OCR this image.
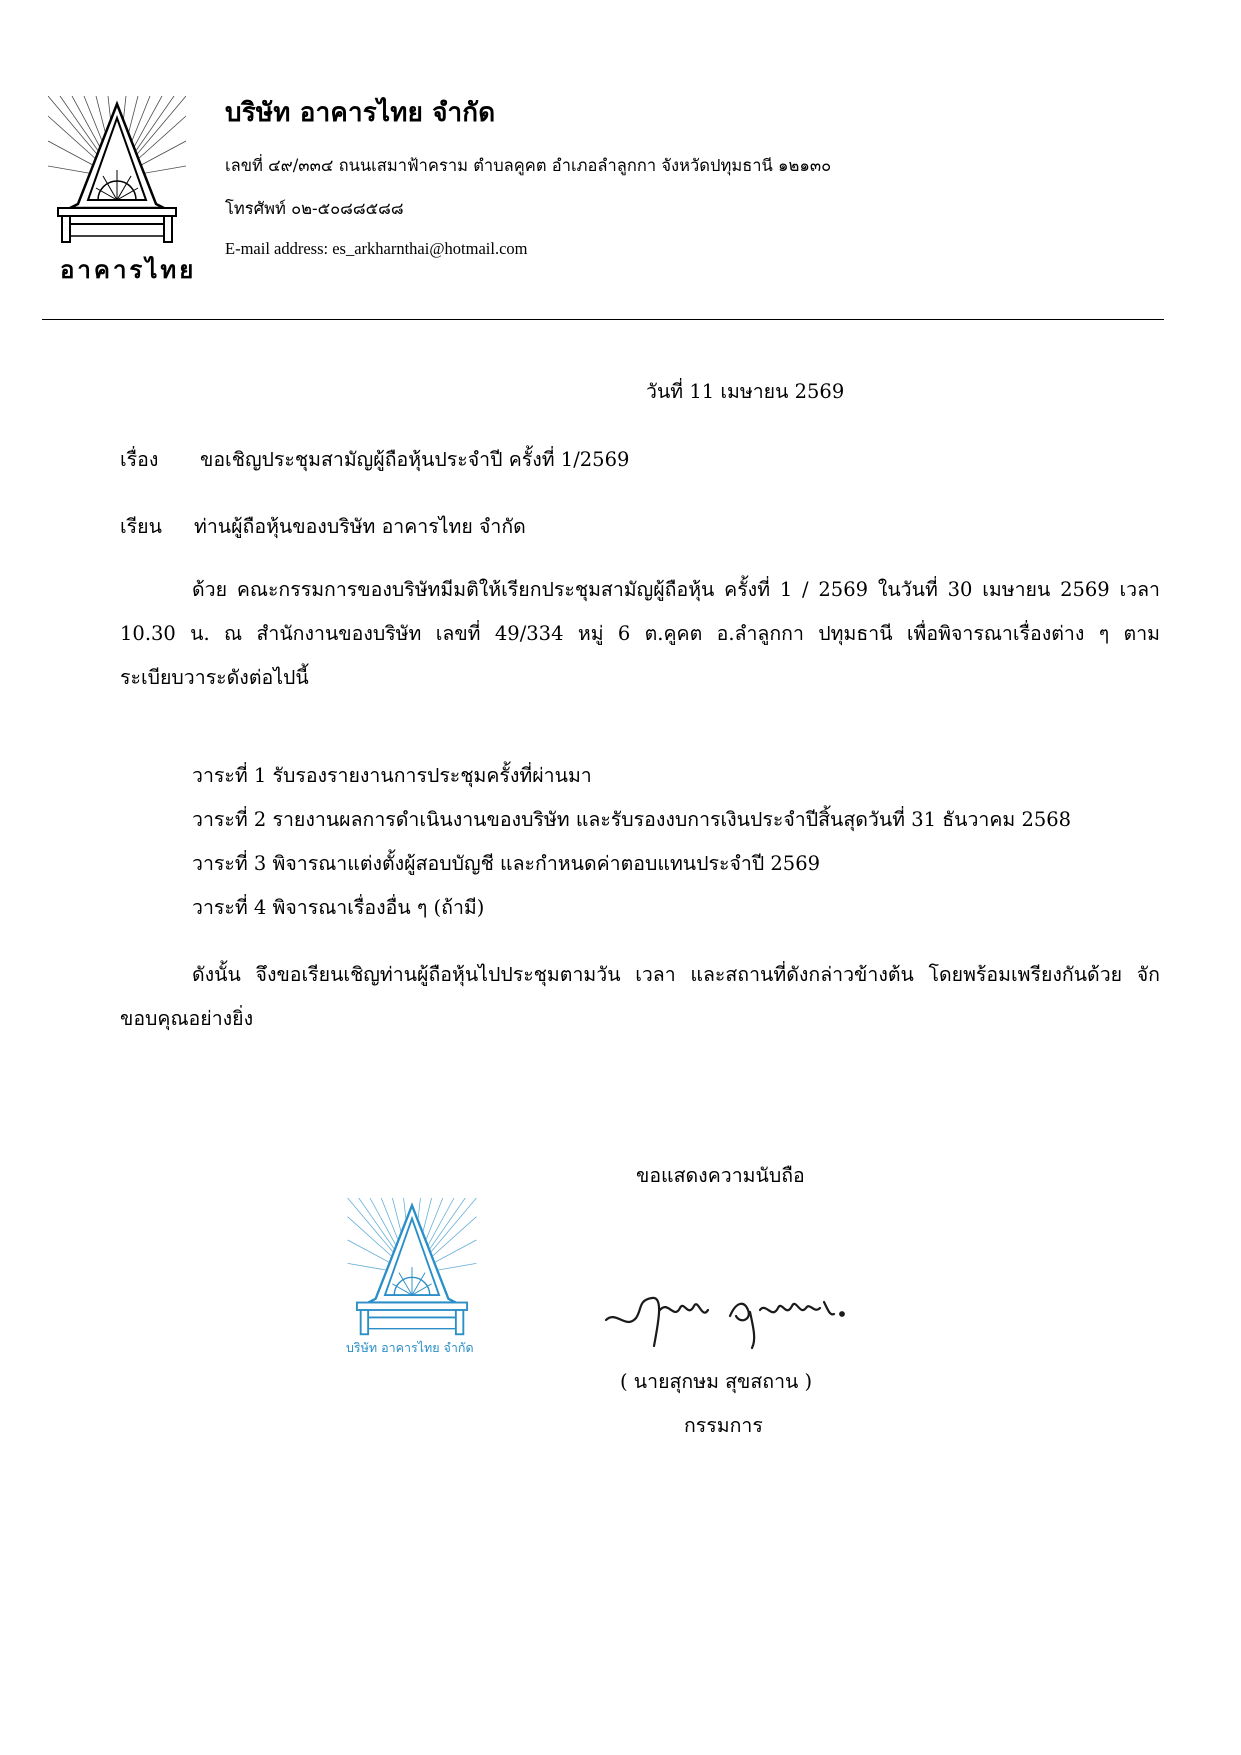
อาคารไทย
บริษัท อาคารไทย จำกัด
เลขที่ ๔๙/๓๓๔ ถนนเสมาฟ้าคราม ตำบลคูคต อำเภอลำลูกกา จังหวัดปทุมธานี ๑๒๑๓๐
โทรศัพท์ ๐๒-๕๐๘๘๕๘๘
E-mail address: es_arkharnthai@hotmail.com
วันที่ 11 เมษายน 2569
เรื่อง ขอเชิญประชุมสามัญผู้ถือหุ้นประจำปี ครั้งที่ 1/2569
เรียน ท่านผู้ถือหุ้นของบริษัท อาคารไทย จำกัด
ด้วย คณะกรรมการของบริษัทมีมติให้เรียกประชุมสามัญผู้ถือหุ้น ครั้งที่ 1 / 2569 ในวันที่ 30 เมษายน 2569 เวลา 10.30 น. ณ สำนักงานของบริษัท เลขที่ 49/334 หมู่ 6 ต.คูคต อ.ลำลูกกา ปทุมธานี เพื่อพิจารณาเรื่องต่าง ๆ ตามระเบียบวาระดังต่อไปนี้
วาระที่ 1 รับรองรายงานการประชุมครั้งที่ผ่านมา
วาระที่ 2 รายงานผลการดำเนินงานของบริษัท และรับรองงบการเงินประจำปีสิ้นสุดวันที่ 31 ธันวาคม 2568
วาระที่ 3 พิจารณาแต่งตั้งผู้สอบบัญชี และกำหนดค่าตอบแทนประจำปี 2569
วาระที่ 4 พิจารณาเรื่องอื่น ๆ (ถ้ามี)
ดังนั้น จึงขอเรียนเชิญท่านผู้ถือหุ้นไปประชุมตามวัน เวลา และสถานที่ดังกล่าวข้างต้น โดยพร้อมเพรียงกันด้วย จักขอบคุณอย่างยิ่ง
ขอแสดงความนับถือ
บริษัท อาคารไทย จำกัด
( นายสุกษม สุขสถาน )
กรรมการ
